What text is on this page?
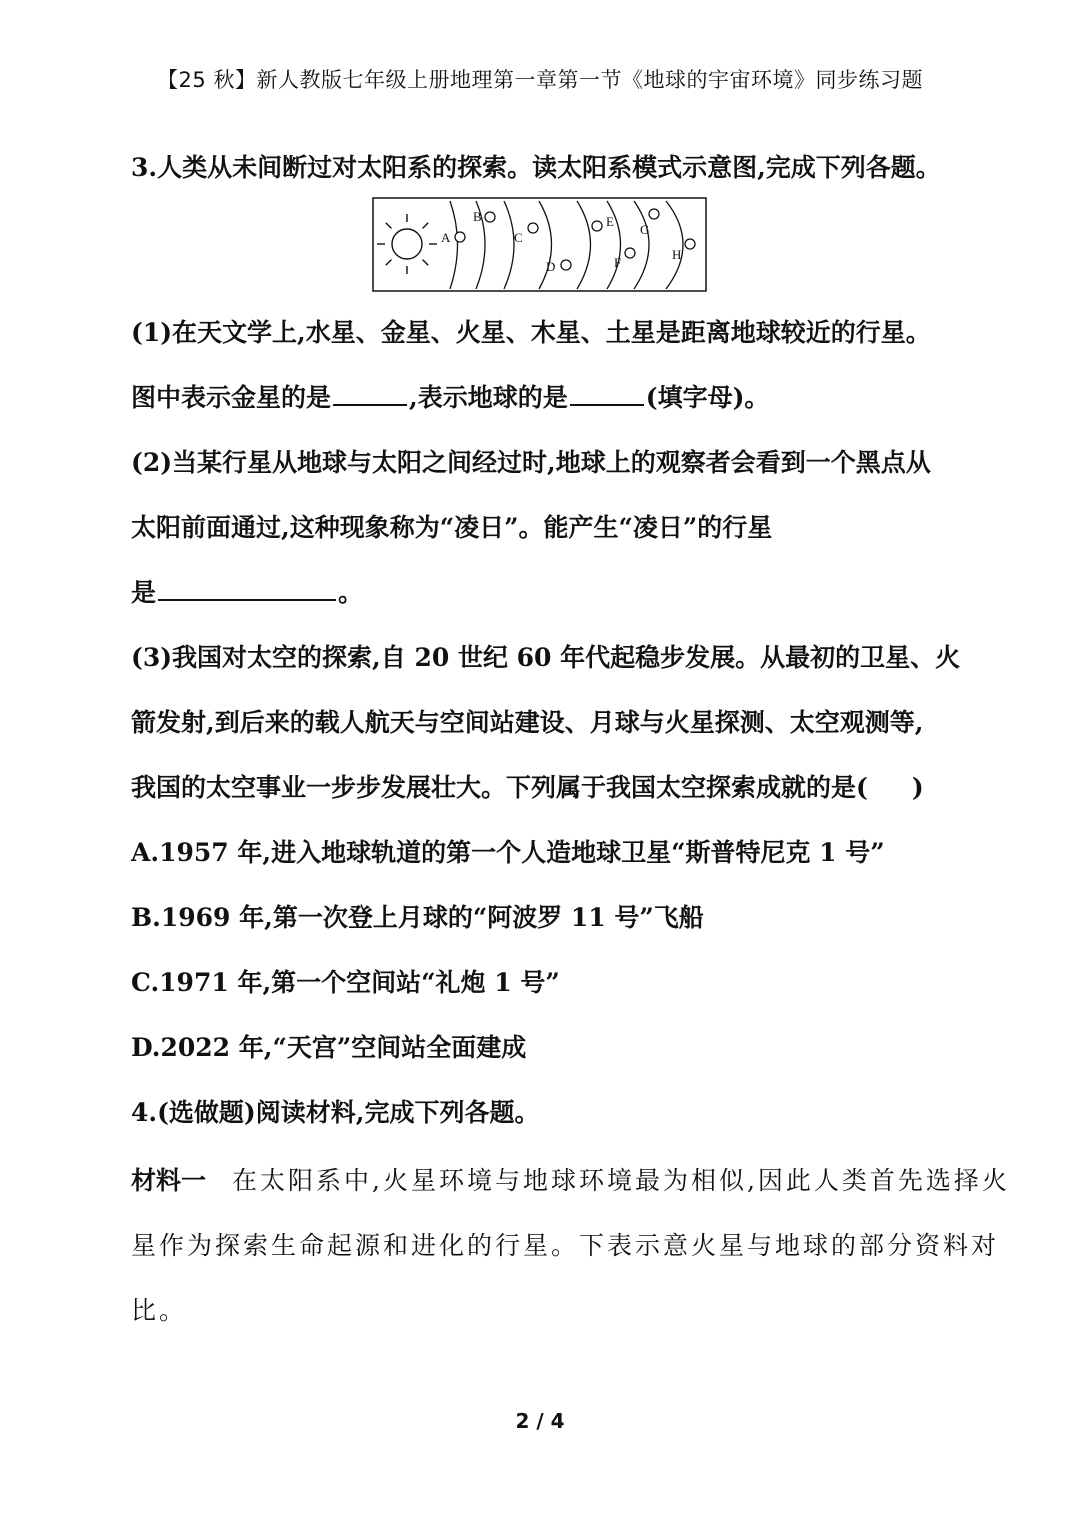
【25 秋】新人教版七年级上册地理第一章第一节《地球的宇宙环境》同步练习题
3.人类从未间断过对太阳系的探索。读太阳系模式示意图,完成下列各题。
A
B
C
D
E
F
G
H
(1)在天文学上,水星、金星、火星、木星、土星是距离地球较近的行星。
图中表示金星的是	,表示地球的是	(填字母)。
(2)当某行星从地球与太阳之间经过时,地球上的观察者会看到一个黑点从
太阳前面通过,这种现象称为“凌日”。能产生“凌日”的行星
是	。
(3)我国对太空的探索,自 20 世纪 60 年代起稳步发展。从最初的卫星、火
箭发射,到后来的载人航天与空间站建设、月球与火星探测、太空观测等,
我国的太空事业一步步发展壮大。下列属于我国太空探索成就的是( )
A.1957 年,进入地球轨道的第一个人造地球卫星“斯普特尼克 1 号”
B.1969 年,第一次登上月球的“阿波罗 11 号”飞船
C.1971 年,第一个空间站“礼炮 1 号”
D.2022 年,“天宫”空间站全面建成
4.(选做题)阅读材料,完成下列各题。
材料一 在太阳系中,火星环境与地球环境最为相似,因此人类首先选择火
星作为探索生命起源和进化的行星。下表示意火星与地球的部分资料对
比。
2 / 4
